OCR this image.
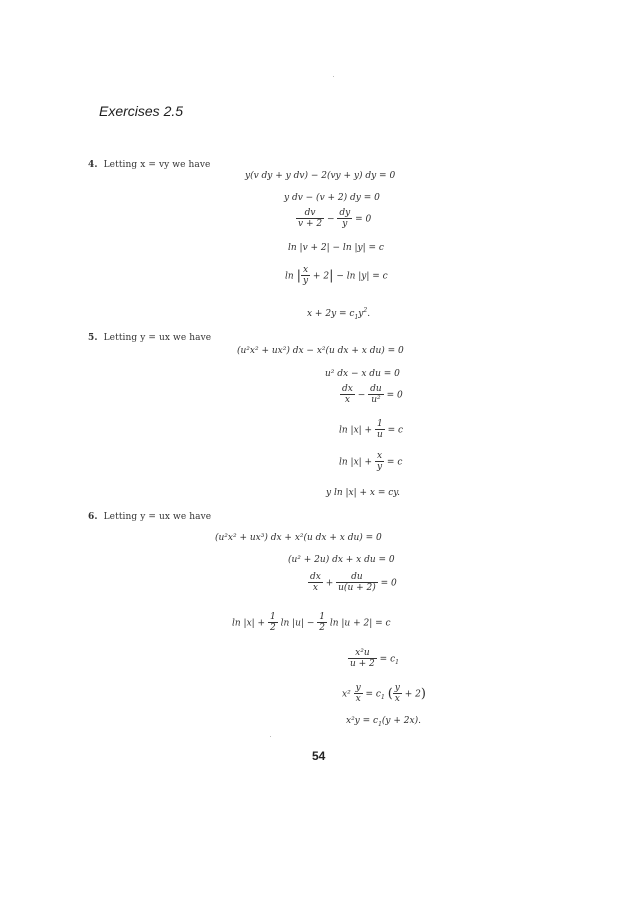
Exercises 2.5
4. Letting x = vy we have
y(v dy + y dv) − 2(vy + y) dy = 0
y dv − (v + 2) dy = 0
$\frac{dv}{v + 2} - \frac{dy}{y} = 0$
ln |v + 2| − ln |y| = c
ln | $\frac{x}{y} + 2| - \ln |y| = c$
$x + 2y = c_1y^2$.
5. Letting y = ux we have
(u²x² + ux²) dx − x²(u dx + x du) = 0
u² dx − x du = 0
$\frac{dx}{x} - \frac{du}{\text{u²}} = 0$
$\ln |x| + \frac{1}{u} = c$
$\ln |x| + \frac{x}{y} = c$
y ln |x| + x = cy.
6. Letting y = ux we have
(u²x² + ux³) dx + x²(u dx + x du) = 0
(u² + 2u) dx + x du = 0
$\frac{dx}{x} + \frac{du}{u(u + 2)} = 0$
$\ln |x| + \frac{1}{2}$ $\ln |u| - \frac{1}{2}$ ln |u + 2| = c
$\frac{\text{x²u}}{u + 2} = c_1$
$x^2 \frac{y}{x} = c_1$ ( $\frac{y}{x} + 2$)
$x^2y = c_1(y + 2x)$.
54
